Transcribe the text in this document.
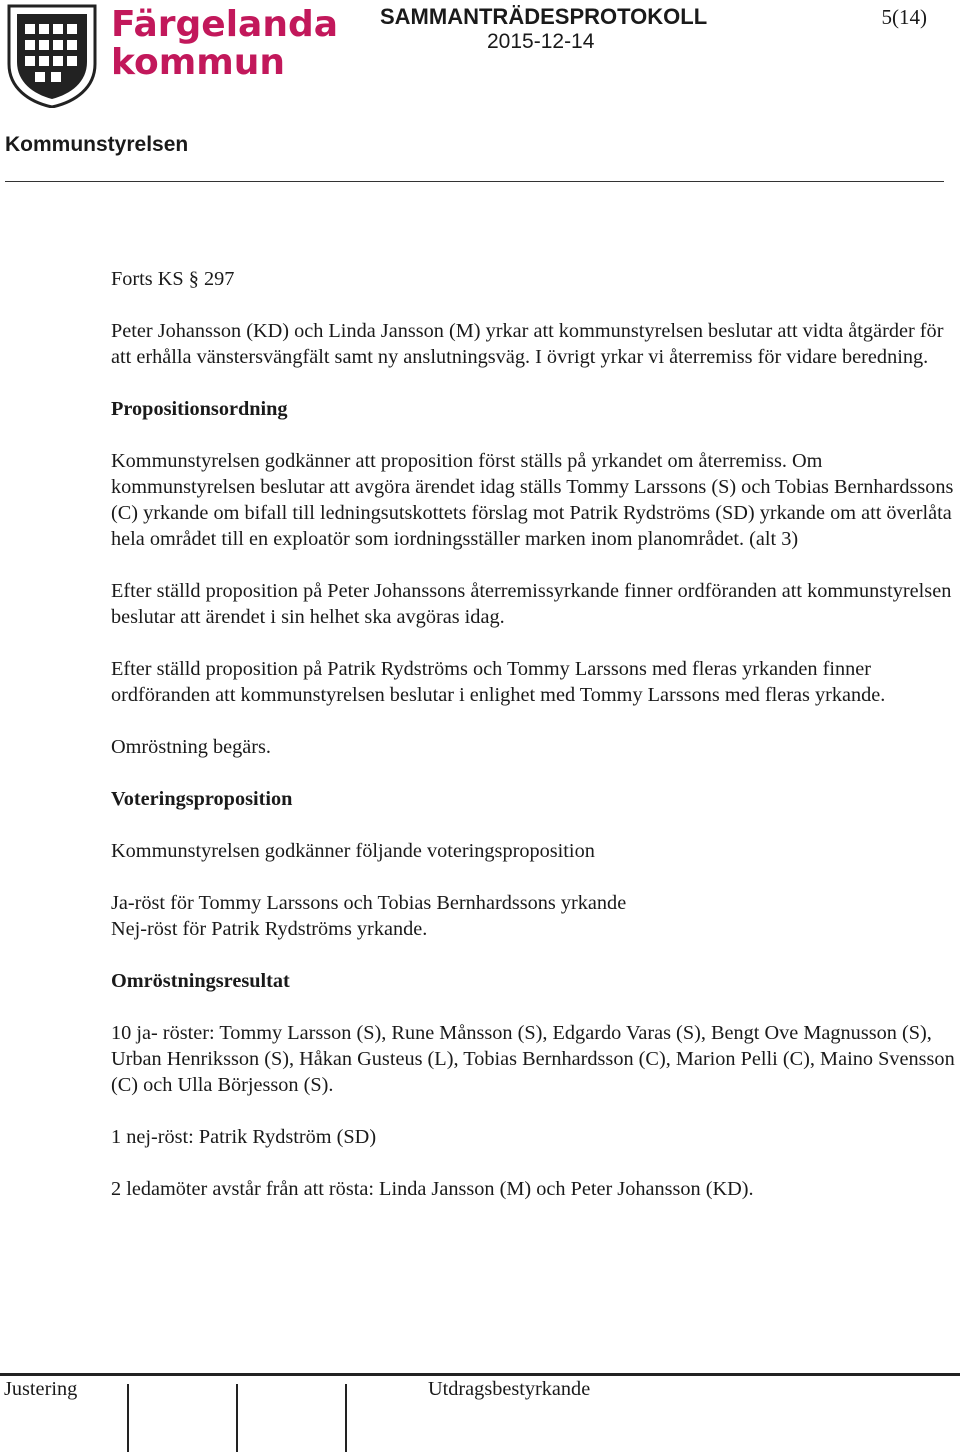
Färgelanda
kommun
SAMMANTRÄDESPROTOKOLL
2015-12-14
5(14)
Kommunstyrelsen

Forts KS § 297

Peter Johansson (KD) och Linda Jansson (M) yrkar att kommunstyrelsen beslutar att vidta åtgärder för att erhålla vänstersvängfält samt ny anslutningsväg. I övrigt yrkar vi återremiss för vidare beredning.

Propositionsordning

Kommunstyrelsen godkänner att proposition först ställs på yrkandet om återremiss. Om kommunstyrelsen beslutar att avgöra ärendet idag ställs Tommy Larssons (S) och Tobias Bernhardssons (C) yrkande om bifall till ledningsutskottets förslag mot Patrik Rydströms (SD) yrkande om att överlåta hela området till en exploatör som iordningsställer marken inom planområdet. (alt 3)

Efter ställd proposition på Peter Johanssons återremissyrkande finner ordföranden att kommunstyrelsen beslutar att ärendet i sin helhet ska avgöras idag.

Efter ställd proposition på Patrik Rydströms och Tommy Larssons med fleras yrkanden finner ordföranden att kommunstyrelsen beslutar i enlighet med Tommy Larssons med fleras yrkande.

Omröstning begärs.

Voteringsproposition

Kommunstyrelsen godkänner följande voteringsproposition

Ja-röst för Tommy Larssons och Tobias Bernhardssons yrkande
Nej-röst för Patrik Rydströms yrkande.

Omröstningsresultat

10 ja- röster: Tommy Larsson (S), Rune Månsson (S), Edgardo Varas (S), Bengt Ove Magnusson (S), Urban Henriksson (S), Håkan Gusteus (L), Tobias Bernhardsson (C), Marion Pelli (C), Maino Svensson (C) och Ulla Börjesson (S).

1 nej-röst: Patrik Rydström (SD)

2 ledamöter avstår från att rösta: Linda Jansson (M) och Peter Johansson (KD).

Justering	Utdragsbestyrkande
